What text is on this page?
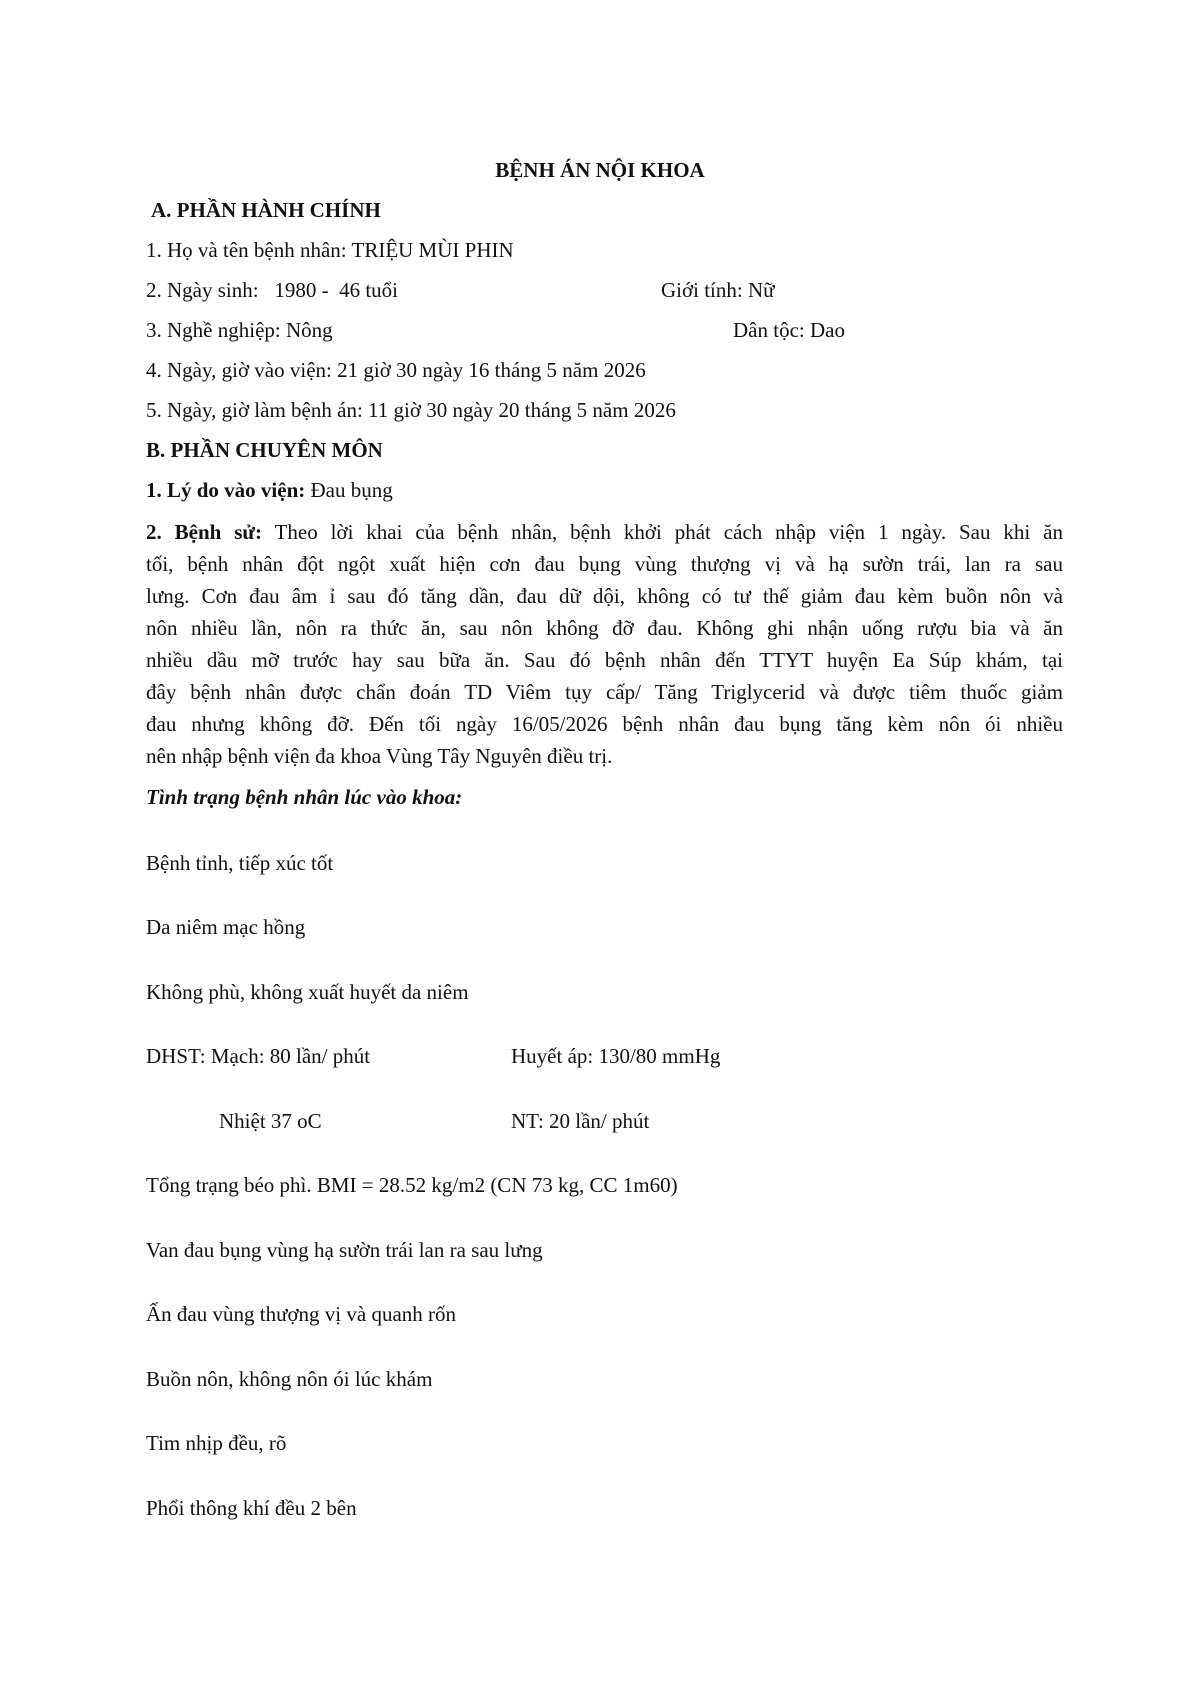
BỆNH ÁN NỘI KHOA
A. PHẦN HÀNH CHÍNH
1. Họ và tên bệnh nhân: TRIỆU MÙI PHIN
2. Ngày sinh:   1980 -  46 tuổi	Giới tính: Nữ
3. Nghề nghiệp: Nông	Dân tộc: Dao
4. Ngày, giờ vào viện: 21 giờ 30 ngày 16 tháng 5 năm 2026
5. Ngày, giờ làm bệnh án: 11 giờ 30 ngày 20 tháng 5 năm 2026
B. PHẦN CHUYÊN MÔN
1. Lý do vào viện: Đau bụng
2. Bệnh sử: Theo lời khai của bệnh nhân, bệnh khởi phát cách nhập viện 1 ngày. Sau khi ăn
tối, bệnh nhân đột ngột xuất hiện cơn đau bụng vùng thượng vị và hạ sườn trái, lan ra sau
lưng. Cơn đau âm ỉ sau đó tăng dần, đau dữ dội, không có tư thế giảm đau kèm buồn nôn và
nôn nhiều lần, nôn ra thức ăn, sau nôn không đỡ đau. Không ghi nhận uống rượu bia và ăn
nhiều dầu mỡ trước hay sau bữa ăn. Sau đó bệnh nhân đến TTYT huyện Ea Súp khám, tại
đây bệnh nhân được chẩn đoán TD Viêm tụy cấp/ Tăng Triglycerid và được tiêm thuốc giảm
đau nhưng không đỡ. Đến tối ngày 16/05/2026 bệnh nhân đau bụng tăng kèm nôn ói nhiều
nên nhập bệnh viện đa khoa Vùng Tây Nguyên điều trị.
Tình trạng bệnh nhân lúc vào khoa:
Bệnh tỉnh, tiếp xúc tốt
Da niêm mạc hồng
Không phù, không xuất huyết da niêm
DHST: Mạch: 80 lần/ phút	Huyết áp: 130/80 mmHg
Nhiệt 37 oC	NT: 20 lần/ phút
Tổng trạng béo phì. BMI = 28.52 kg/m2 (CN 73 kg, CC 1m60)
Van đau bụng vùng hạ sườn trái lan ra sau lưng
Ấn đau vùng thượng vị và quanh rốn
Buồn nôn, không nôn ói lúc khám
Tim nhịp đều, rõ
Phổi thông khí đều 2 bên
